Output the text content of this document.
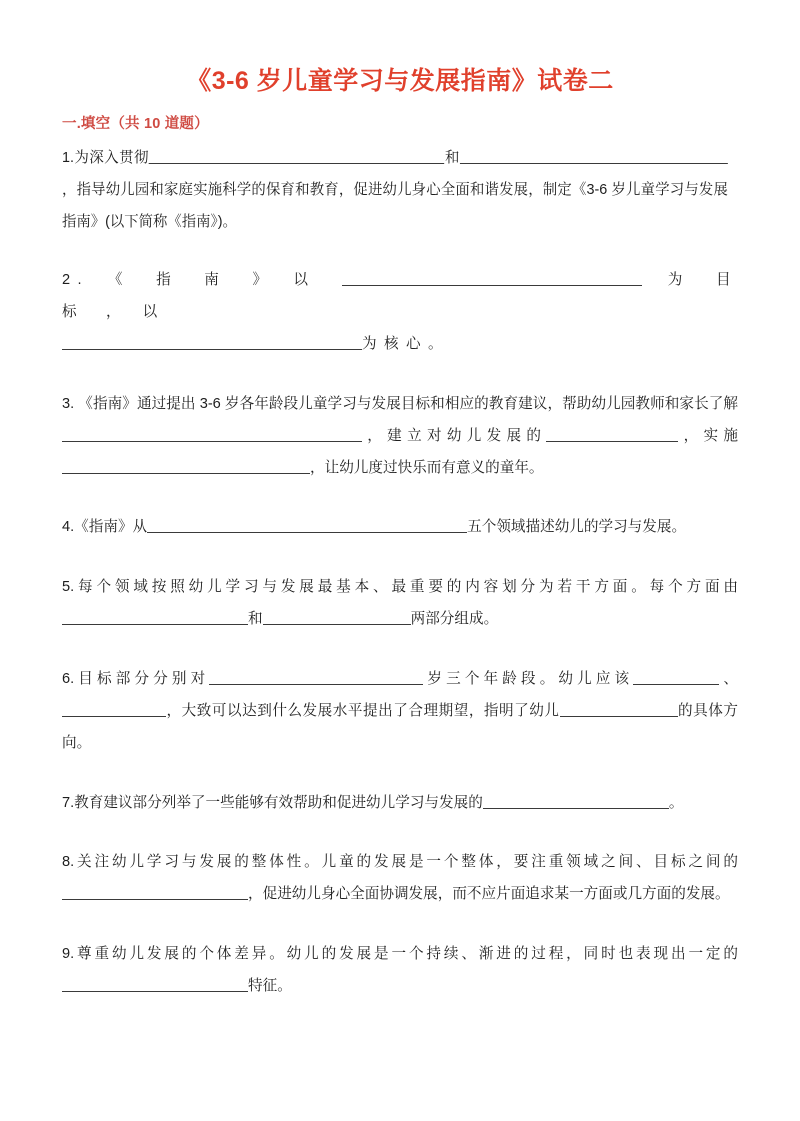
《3-6 岁儿童学习与发展指南》试卷二
一.填空（共 10 道题）
1.为深入贯彻	和，指导幼儿园和家庭实施科学的保育和教育，促进幼儿身心全面和谐发展，制定《3-6 岁儿童学习与发展指南》(以下简称《指南》)。
2.　《　指　南　》　以　	　为　目　标　，　以
为核心。
3. 《指南》通过提出 3-6 岁各年龄段儿童学习与发展目标和相应的教育建议，帮助幼儿园教师和家长了解，建立对幼儿发展的	，实施，让幼儿度过快乐而有意义的童年。
4.《指南》从	五个领域描述幼儿的学习与发展。
5.每个领域按照幼儿学习与发展最基本、最重要的内容划分为若干方面。每个方面由和	两部分组成。
6.目标部分分别对	岁三个年龄段。幼儿应该	、，大致可以达到什么发展水平提出了合理期望，指明了幼儿	的具体方向。
7.教育建议部分列举了一些能够有效帮助和促进幼儿学习与发展的	。
8.关注幼儿学习与发展的整体性。儿童的发展是一个整体，要注重领域之间、目标之间的，促进幼儿身心全面协调发展，而不应片面追求某一方面或几方面的发展。
9.尊重幼儿发展的个体差异。幼儿的发展是一个持续、渐进的过程，同时也表现出一定的特征。
